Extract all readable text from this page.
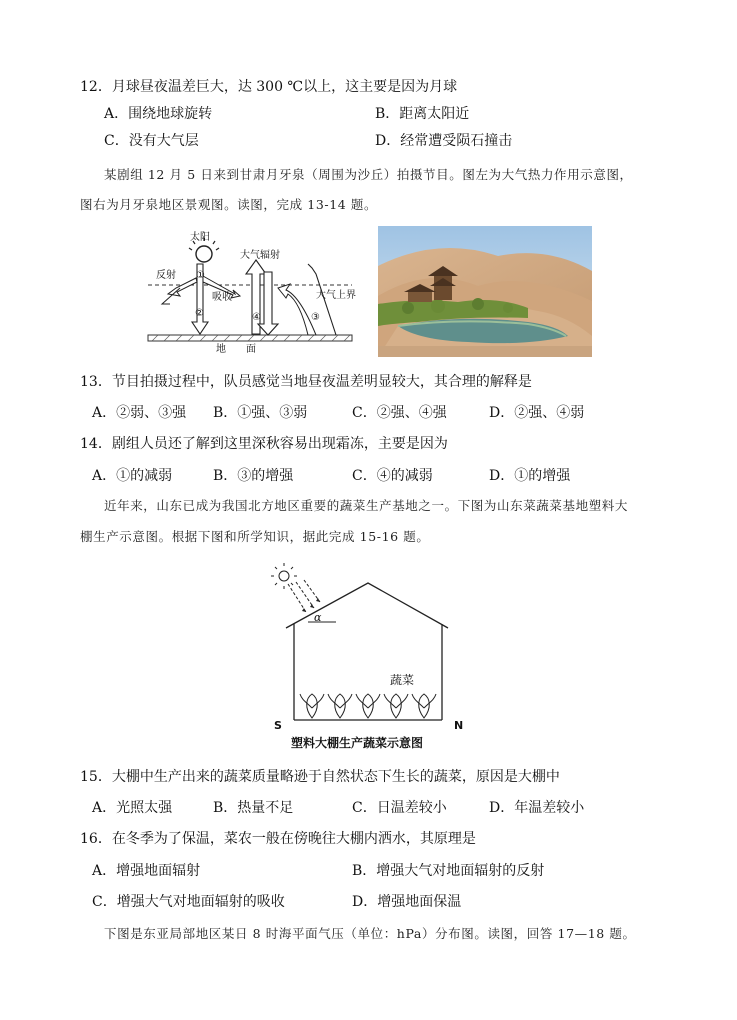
12．月球昼夜温差巨大，达 300 ℃以上，这主要是因为月球
A．围绕地球旋转	B．距离太阳近
C．没有大气层	D．经常遭受陨石撞击
某剧组 12 月 5 日来到甘肃月牙泉（周围为沙丘）拍摄节目。图左为大气热力作用示意图，
图右为月牙泉地区景观图。读图，完成 13-14 题。
太阳
反射
吸收
大气辐射
大气上界
地　　面
①
②	③
④
13．节目拍摄过程中，队员感觉当地昼夜温差明显较大，其合理的解释是
A．②弱、③强 B．①强、③弱	C．②强、④强	D．②强、④弱
14．剧组人员还了解到这里深秋容易出现霜冻，主要是因为
A．①的减弱	B．③的增强	C．④的减弱	D．①的增强
近年来，山东已成为我国北方地区重要的蔬菜生产基地之一。下图为山东菜蔬菜基地塑料大
棚生产示意图。根据下图和所学知识，据此完成 15-16 题。
α
蔬菜
S	N
塑料大棚生产蔬菜示意图
15．大棚中生产出来的蔬菜质量略逊于自然状态下生长的蔬菜，原因是大棚中
A．光照太强	B．热量不足	C．日温差较小	D．年温差较小
16．在冬季为了保温，菜农一般在傍晚往大棚内洒水，其原理是
A．增强地面辐射	B．增强大气对地面辐射的反射
C．增强大气对地面辐射的吸收	D．增强地面保温
下图是东亚局部地区某日 8 时海平面气压（单位：hPa）分布图。读图，回答 17—18 题。
